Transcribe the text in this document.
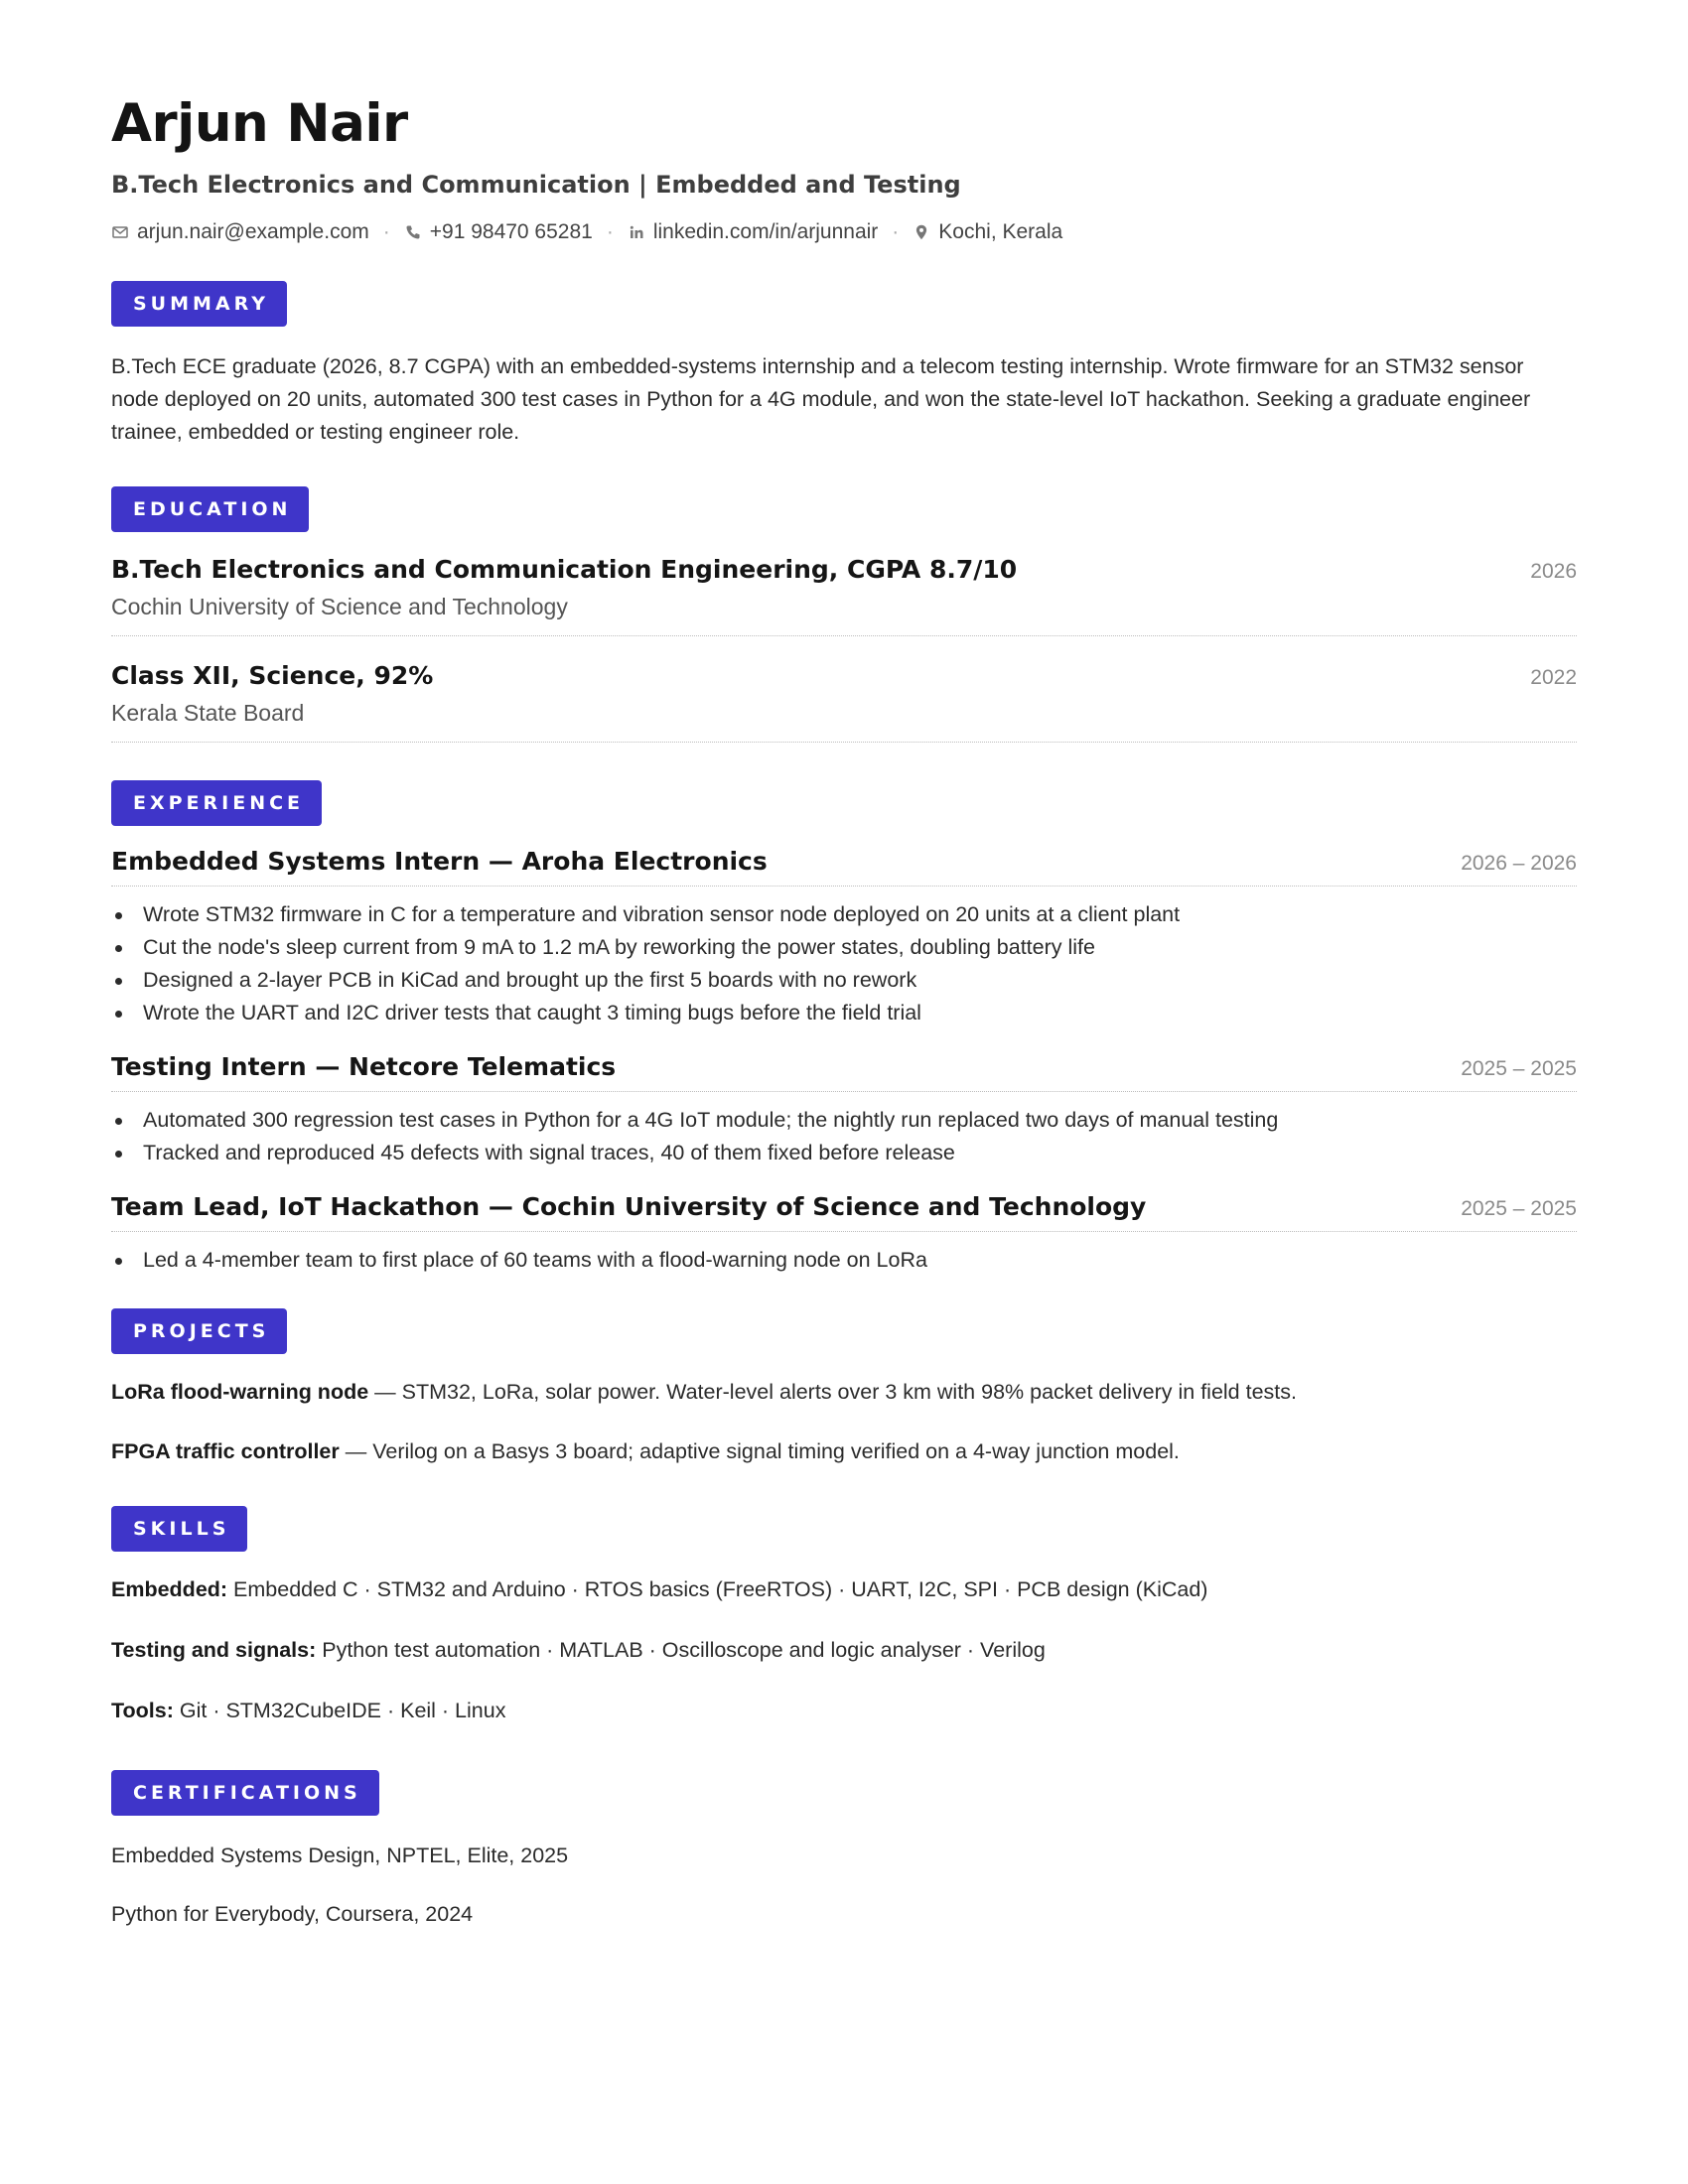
Arjun Nair
B.Tech Electronics and Communication | Embedded and Testing
arjun.nair@example.com · +91 98470 65281 · linkedin.com/in/arjunnair · Kochi, Kerala
SUMMARY
B.Tech ECE graduate (2026, 8.7 CGPA) with an embedded-systems internship and a telecom testing internship. Wrote firmware for an STM32 sensor node deployed on 20 units, automated 300 test cases in Python for a 4G module, and won the state-level IoT hackathon. Seeking a graduate engineer trainee, embedded or testing engineer role.
EDUCATION
B.Tech Electronics and Communication Engineering, CGPA 8.7/10	2026
Cochin University of Science and Technology
Class XII, Science, 92%	2022
Kerala State Board
EXPERIENCE
Embedded Systems Intern — Aroha Electronics	2026 – 2026
Wrote STM32 firmware in C for a temperature and vibration sensor node deployed on 20 units at a client plant
Cut the node's sleep current from 9 mA to 1.2 mA by reworking the power states, doubling battery life
Designed a 2-layer PCB in KiCad and brought up the first 5 boards with no rework
Wrote the UART and I2C driver tests that caught 3 timing bugs before the field trial
Testing Intern — Netcore Telematics	2025 – 2025
Automated 300 regression test cases in Python for a 4G IoT module; the nightly run replaced two days of manual testing
Tracked and reproduced 45 defects with signal traces, 40 of them fixed before release
Team Lead, IoT Hackathon — Cochin University of Science and Technology	2025 – 2025
Led a 4-member team to first place of 60 teams with a flood-warning node on LoRa
PROJECTS
LoRa flood-warning node — STM32, LoRa, solar power. Water-level alerts over 3 km with 98% packet delivery in field tests.
FPGA traffic controller — Verilog on a Basys 3 board; adaptive signal timing verified on a 4-way junction model.
SKILLS
Embedded: Embedded C · STM32 and Arduino · RTOS basics (FreeRTOS) · UART, I2C, SPI · PCB design (KiCad)
Testing and signals: Python test automation · MATLAB · Oscilloscope and logic analyser · Verilog
Tools: Git · STM32CubeIDE · Keil · Linux
CERTIFICATIONS
Embedded Systems Design, NPTEL, Elite, 2025
Python for Everybody, Coursera, 2024
